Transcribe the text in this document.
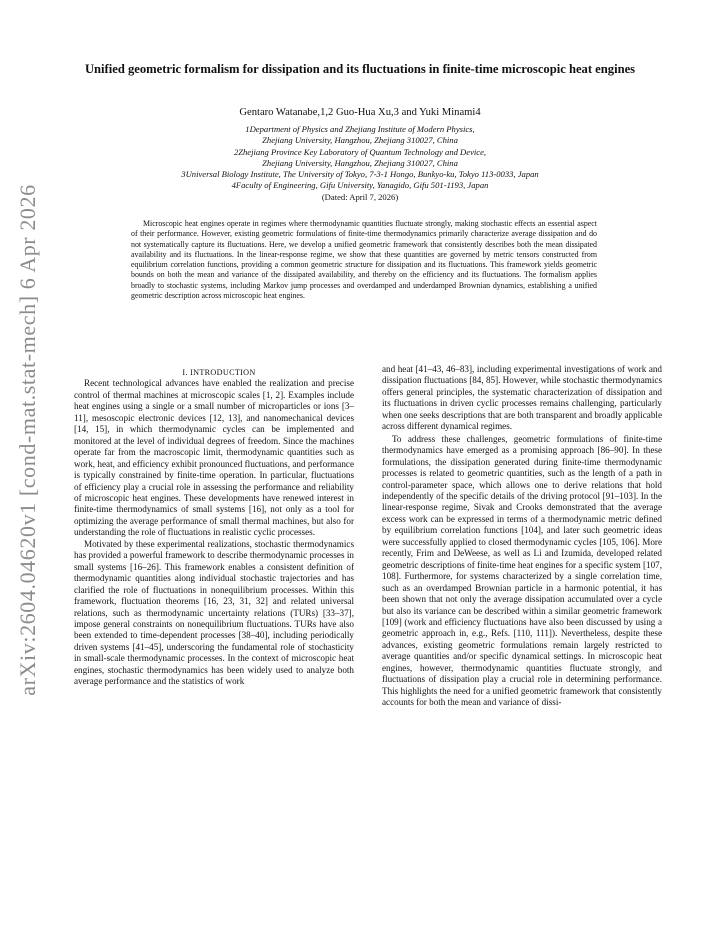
arXiv:2604.04620v1 [cond-mat.stat-mech] 6 Apr 2026
Unified geometric formalism for dissipation and its fluctuations in finite-time microscopic heat engines
Gentaro Watanabe,1,2 Guo-Hua Xu,3 and Yuki Minami4
1Department of Physics and Zhejiang Institute of Modern Physics,
Zhejiang University, Hangzhou, Zhejiang 310027, China
2Zhejiang Province Key Laboratory of Quantum Technology and Device,
Zhejiang University, Hangzhou, Zhejiang 310027, China
3Universal Biology Institute, The University of Tokyo, 7-3-1 Hongo, Bunkyo-ku, Tokyo 113-0033, Japan
4Faculty of Engineering, Gifu University, Yanagido, Gifu 501-1193, Japan
(Dated: April 7, 2026)

Microscopic heat engines operate in regimes where thermodynamic quantities fluctuate strongly, making stochastic effects an essential aspect of their performance. However, existing geometric formulations of finite-time thermodynamics primarily characterize average dissipation and do not systematically capture its fluctuations. Here, we develop a unified geometric framework that consistently describes both the mean dissipated availability and its fluctuations. In the linear-response regime, we show that these quantities are governed by metric tensors constructed from equilibrium correlation functions, providing a common geometric structure for dissipation and its fluctuations. This framework yields geometric bounds on both the mean and variance of the dissipated availability, and thereby on the efficiency and its fluctuations. The formalism applies broadly to stochastic systems, including Markov jump processes and overdamped and underdamped Brownian dynamics, establishing a unified geometric description across microscopic heat engines.

I. INTRODUCTION

Recent technological advances have enabled the realization and precise control of thermal machines at microscopic scales [1, 2]. Examples include heat engines using a single or a small number of microparticles or ions [3–11], mesoscopic electronic devices [12, 13], and nanomechanical devices [14, 15], in which thermodynamic cycles can be implemented and monitored at the level of individual degrees of freedom. Since the machines operate far from the macroscopic limit, thermodynamic quantities such as work, heat, and efficiency exhibit pronounced fluctuations, and performance is typically constrained by finite-time operation. In particular, fluctuations of efficiency play a crucial role in assessing the performance and reliability of microscopic heat engines. These developments have renewed interest in finite-time thermodynamics of small systems [16], not only as a tool for optimizing the average performance of small thermal machines, but also for understanding the role of fluctuations in realistic cyclic processes.

Motivated by these experimental realizations, stochastic thermodynamics has provided a powerful framework to describe thermodynamic processes in small systems [16–26]. This framework enables a consistent definition of thermodynamic quantities along individual stochastic trajectories and has clarified the role of fluctuations in nonequilibrium processes. Within this framework, fluctuation theorems [16, 23, 31, 32] and related universal relations, such as thermodynamic uncertainty relations (TURs) [33–37], impose general constraints on nonequilibrium fluctuations. TURs have also been extended to time-dependent processes [38–40], including periodically driven systems [41–45], underscoring the fundamental role of stochasticity in small-scale thermodynamic processes. In the context of microscopic heat engines, stochastic thermodynamics has been widely used to analyze both average performance and the statistics of work

and heat [41–43, 46–83], including experimental investigations of work and dissipation fluctuations [84, 85]. However, while stochastic thermodynamics offers general principles, the systematic characterization of dissipation and its fluctuations in driven cyclic processes remains challenging, particularly when one seeks descriptions that are both transparent and broadly applicable across different dynamical regimes.

To address these challenges, geometric formulations of finite-time thermodynamics have emerged as a promising approach [86–90]. In these formulations, the dissipation generated during finite-time thermodynamic processes is related to geometric quantities, such as the length of a path in control-parameter space, which allows one to derive relations that hold independently of the specific details of the driving protocol [91–103]. In the linear-response regime, Sivak and Crooks demonstrated that the average excess work can be expressed in terms of a thermodynamic metric defined by equilibrium correlation functions [104], and later such geometric ideas were successfully applied to closed thermodynamic cycles [105, 106]. More recently, Frim and DeWeese, as well as Li and Izumida, developed related geometric descriptions of finite-time heat engines for a specific system [107, 108]. Furthermore, for systems characterized by a single correlation time, such as an overdamped Brownian particle in a harmonic potential, it has been shown that not only the average dissipation accumulated over a cycle but also its variance can be described within a similar geometric framework [109] (work and efficiency fluctuations have also been discussed by using a geometric approach in, e.g., Refs. [110, 111]). Nevertheless, despite these advances, existing geometric formulations remain largely restricted to average quantities and/or specific dynamical settings. In microscopic heat engines, however, thermodynamic quantities fluctuate strongly, and fluctuations of dissipation play a crucial role in determining performance. This highlights the need for a unified geometric framework that consistently accounts for both the mean and variance of dissi-
